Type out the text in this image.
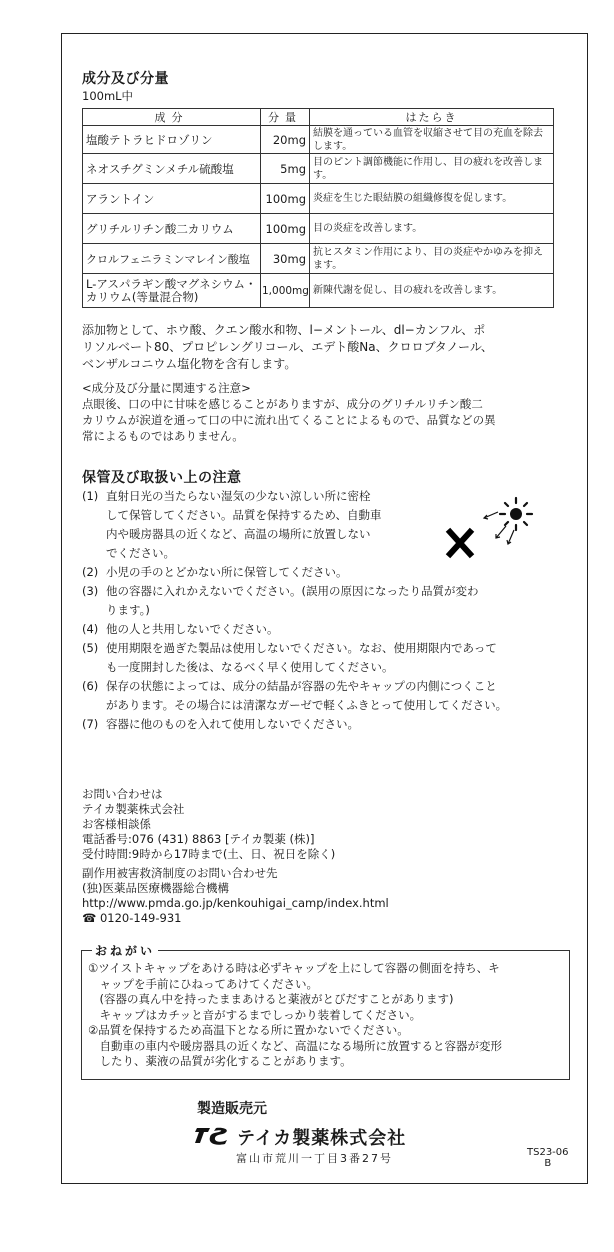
成分及び分量
100mL中
成分	分量	はたらき
塩酸テトラヒドロゾリン	20mg	結膜を通っている血管を収縮させて目の充血を除去します。
ネオスチグミンメチル硫酸塩	5mg	目のピント調節機能に作用し、目の疲れを改善します。
アラントイン	100mg	炎症を生じた眼結膜の組織修復を促します。
グリチルリチン酸二カリウム	100mg	目の炎症を改善します。
クロルフェニラミンマレイン酸塩	30mg	抗ヒスタミン作用により、目の炎症やかゆみを抑えます。
L-アスパラギン酸マグネシウム・カリウム(等量混合物)	1,000mg	新陳代謝を促し、目の疲れを改善します。
添加物として、ホウ酸、クエン酸水和物、l−メントール、dl−カンフル、ポ
リソルベート80、プロピレングリコール、エデト酸Na、クロロブタノール、
ベンザルコニウム塩化物を含有します。
<成分及び分量に関連する注意>
点眼後、口の中に甘味を感じることがありますが、成分のグリチルリチン酸二
カリウムが涙道を通って口の中に流れ出てくることによるもので、品質などの異
常によるものではありません。
保管及び取扱い上の注意
(1) 直射日光の当たらない湿気の少ない涼しい所に密栓
して保管してください。品質を保持するため、自動車
内や暖房器具の近くなど、高温の場所に放置しない
でください。
(2) 小児の手のとどかない所に保管してください。
(3) 他の容器に入れかえないでください。(誤用の原因になったり品質が変わ
ります。)
(4) 他の人と共用しないでください。
(5) 使用期限を過ぎた製品は使用しないでください。なお、使用期限内であって
も一度開封した後は、なるべく早く使用してください。
(6) 保存の状態によっては、成分の結晶が容器の先やキャップの内側につくこと
があります。その場合には清潔なガーゼで軽くふきとって使用してください。
(7) 容器に他のものを入れて使用しないでください。
お問い合わせは
テイカ製薬株式会社
お客様相談係
電話番号:076 (431) 8863 [テイカ製薬 (株)]
受付時間:9時から17時まで(土、日、祝日を除く)
副作用被害救済制度のお問い合わせ先
(独)医薬品医療機器総合機構
http://www.pmda.go.jp/kenkouhigai_camp/index.html
☎ 0120-149-931
おねがい
①ツイストキャップをあける時は必ずキャップを上にして容器の側面を持ち、キ
　ャップを手前にひねってあけてください。
　(容器の真ん中を持ったままあけると薬液がとびだすことがあります)
　キャップはカチッと音がするまでしっかり装着してください。
②品質を保持するため高温下となる所に置かないでください。
　自動車の車内や暖房器具の近くなど、高温になる場所に放置すると容器が変形
　したり、薬液の品質が劣化することがあります。
製造販売元
テイカ製薬株式会社
富山市荒川一丁目3番27号	TS23-06
B
